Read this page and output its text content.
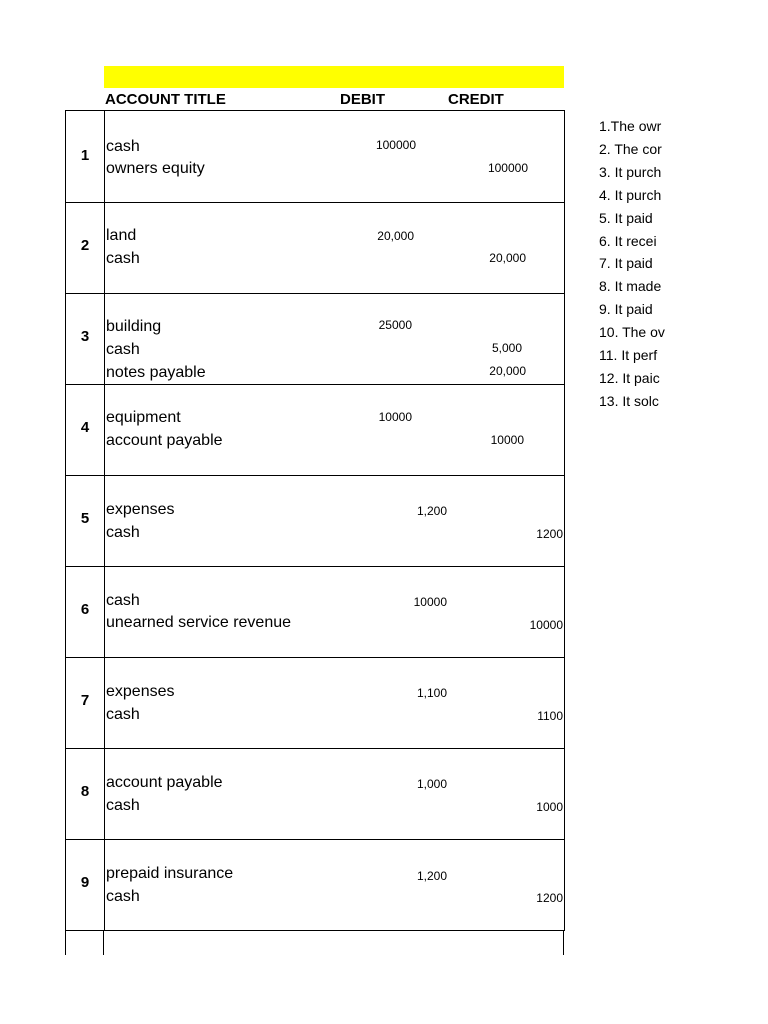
ACCOUNT TITLE	DEBIT	CREDIT
1
cash
owners equity
100000
100000
2
land
cash
20,000
20,000
3
building
cash
notes payable
25000
5,000
20,000
4
equipment
account payable
10000
10000
5
expenses
cash
1,200
1200
6
cash
unearned service revenue
10000
10000
7
expenses
cash
1,100
1100
8
account payable
cash
1,000
1000
9
prepaid insurance
cash
1,200
1200
1.The owr
2. The cor
3. It purch
4. It purch
5. It paid
6. It recei
7. It paid
8. It made
9. It paid
10. The ov
11. It perf
12. It paic
13. It solc
